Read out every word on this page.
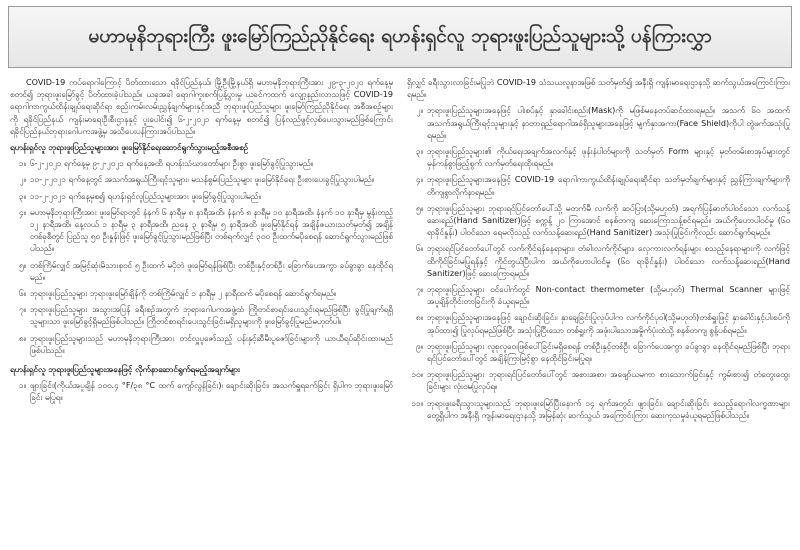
မဟာမုနိဘုရားကြီး ဖူးမြော်ကြည်ညိုနိုင်ရေး ရဟန်းရှင်လူ ဘုရားဖူးပြည်သူများသို့ ပန်ကြားလွှာ

COVID-19 ကပ်ရောဂါကြောင့် ပိတ်ထားသော ရခိုင်ပြည်နယ်၊ မြို့ဦးမြို့နယ်ရှိ မဟာမုနိဘုရားကြီးအား ၂၉-၃-၂၀၂၀ ရက်နေ့မှစတင်၍ ဘုရားဖူးမြော်ခွင့် ပိတ်ထားခဲ့ပါသည်။ ယခုအခါ ရောဂါကူးစက်ပြန့်ပွားမှု ယခင်ကထက် လျော့နည်းလာသဖြင့် COVID-19 ရောဂါကာကွယ်ထိန်းချုပ်ရေးဆိုင်ရာ စည်းကမ်းလမ်းညွှန်ချက်များနှင့်အညီ ဘုရားဖူးပြည်သူများ ဖူးမြော်ကြည်ညိုနိုင်ရေး အစီအစဉ်များကို ရခိုင်ပြည်နယ် ကျန်းမာရေးဦးစီးဌာနနှင့် ပူးပေါင်း၍ ၆-၂-၂၀၂၁ ရက်နေ့မှ စတင်၍ ပြန်လည်ဖွင့်လှစ်ပေးသွားမည်ဖြစ်ကြောင်း ရခိုင်ပြည်နယ်ဘုရားဂေါပကအဖွဲ့မှ အသိပေးပန်ကြားအပ်ပါသည်။

ရဟန်းရှင်လူ ဘုရားဖူးပြည်သူများအား ဖူးမြော်နိုင်ရေးဆောင်ရွက်သွားမည့်အစီအစဉ်

၁။ ၆-၂-၂၀၂၁ ရက်နေ့မှ ၉-၂-၂၀၂၁ ရက်နေ့အထိ ရဟန်းသံဃာတော်များ ဦးစွာ ဖူးမြော်ခွင့်ပြုသွားမည်။

၂။ ၁၀-၂-၂၀၂၁ ရက်နေ့တွင် အသက်အရွယ်ကြီးရင့်သူများ၊ မသန်စွမ်းပြည်သူများ ဖူးမြော်နိုင်ရေး ဦးစားပေးခွင့်ပြုသွားပါမည်။

၃။ ၁၁-၂-၂၀၂၁ ရက်နေ့မှစ၍ ရဟန်းရှင်လူပြည်သူများအား ဖူးမြော်ခွင့်ပြုသွားပါမည်။

၄။ မဟာမုနိဘုရားကြီးအား ဖူးမြော်ရာတွင် နံနက် ၆ နာရီမှ ၈ နာရီအထိ၊ နံနက် ၈ နာရီမှ ၁၀ နာရီအထိ၊ နံနက် ၁၀ နာရီမှ မွန်းတည့် ၁၂ နာရီအထိ၊ နေ့လယ် ၁ နာရီမှ ၃ နာရီအထိ၊ ညနေ ၃ နာရီမှ ၅ နာရီအထိ ဖူးမြော်နိုင်ရန် အချိန်ဇယားသတ်မှတ်၍ အချိန်တစ်ခုစီတွင် ပြည်သူ ၅၀ ဦးနှုန်းဖြင့် ဖူးမြော်ခွင့်ပြုသွားမည်ဖြစ်ပြီး တစ်ရက်လျှင် ၃၀၀ ဦးထက်မပိုစေရန် ဆောင်ရွက်သွားမည်ဖြစ်ပါသည်။

၅။ တစ်ကြိမ်လျှင် အမြင့်ဆုံးမိသားစုဝင် ၅ ဦးထက် မပိုဘဲ ဖူးမြော်ရန်ဖြစ်ပြီး တစ်ဦးနှင့်တစ်ဦး ခြောက်ပေအကွာ ခပ်ခွာခွာ နေထိုင်ရမည်။

၆။ ဘုရားဖူးပြည်သူများ ဘုရားဖူးမြော်ချိန်ကို တစ်ကြိမ်လျှင် ၁ နာရီမှ ၂ နာရီထက် မပိုစေရန် ဆောင်ရွက်ရမည်။

၇။ ဘုရားဖူးပြည်သူများ အသွားအပြန် ခရီးစဉ်အတွက် ဘုရားဂေါပကအဖွဲ့ထံ ကြိုတင်စာရင်းပေးသွင်းရမည်ဖြစ်ပြီး ခွင့်ပြုချက်ရရှိသူများသာ ဖူးမြော်ခွင့်ရှိမည်ဖြစ်ပါသည်။ ကြိုတင်စာရင်းပေးသွင်းခြင်းမရှိသူများကို ဖူးမြော်ခွင့်ပြုမည်မဟုတ်ပါ။

၈။ ဘုရားဖူးပြည်သူများသည် မဟာမုနိဘုရားကြီးအား တင်လှူပူဇော်သည့် ပန်းနှင့်ဆီမီးပူဇော်ခြင်းများကို ယာယီရပ်ဆိုင်းထားမည်ဖြစ်ပါသည်။

ရဟန်းရှင်လူ ဘုရားဖူးပြည်သူများအနေဖြင့် လိုက်နာဆောင်ရွက်ရမည့်အချက်များ

၁။ ဖျားခြင်း(ကိုယ်အပူချိန် ၁၀၀.၄ °F/၃၈ °C ထက် ကျော်လွန်ခြင်း)၊ ချောင်းဆိုးခြင်း၊ အသက်ရှူရခက်ခြင်း ရှိပါက ဘုရားဖူးမြော်ခြင်း မပြုရ။

ရှိလျှင် ခရီးသွားလာခြင်းမပြုဘဲ COVID-19 သံသယလူနာအဖြစ် သတ်မှတ်၍ အနီးရှိ ကျန်းမာရေးဌာနသို့ ဆက်သွယ်အကြောင်းကြားရမည်။

၂။ ဘုရားဖူးပြည်သူများအနေဖြင့် ပါးစပ်နှင့် နှာခေါင်းစည်း(Mask)ကို မဖြစ်မနေတပ်ဆင်ထားရမည်။ အသက် ၆၀ အထက် အသက်အရွယ်ကြီးရင့်သူများနှင့် နာတာရှည်ရောဂါအခံရှိသူများအနေဖြင့် မျက်နှာအကာ(Face Shield)ကိုပါ တွဲဖက်အသုံးပြုရမည်။

၃။ ဘုရားဖူးပြည်သူများ၏ ကိုယ်ရေးအချက်အလက်နှင့် ဖုန်းနံပါတ်များကို သတ်မှတ် Form များနှင့် မှတ်တမ်းစာအုပ်များတွင် မှန်ကန်စွာဖြည့်စွက် လက်မှတ်ရေးထိုးရမည်။

၄။ ဘုရားဖူးပြည်သူများအနေဖြင့် COVID-19 ရောဂါကာကွယ်ထိန်းချုပ်ရေးဆိုင်ရာ သတ်မှတ်ချက်များနှင့် ညွှန်ကြားချက်များကို တိကျစွာလိုက်နာရမည်။

၅။ ဘုရားဖူးပြည်သူများ ဘုရားရင်ပြင်တော်ပေါ်သို့ မတက်မီ လက်ကို ဆပ်ပြာ(သို့မဟုတ်) အရက်ပြန်ဓာတ်ပါဝင်သော လက်သန့်ဆေးရည်(Hand Sanitizer)ဖြင့် စက္ကန့် ၂၀ ကြာအောင် စနစ်တကျ ဆေးကြောသန့်စင်ရမည်။ အယ်ကိုဟောပါဝင်မှု (၆၀ ရာခိုင်နှုန်း) ပါဝင်သော ရေမလိုသည့် လက်သန့်ဆေးရည်(Hand Sanitizer) အသုံးပြုခြင်းကိုလည်း ဆောင်ရွက်ရမည်။

၆။ ဘုရားရင်ပြင်တော်ပေါ်တွင် လက်ကိုင်ရန်နေရာများ၊ တံခါးလက်ကိုင်များ၊ လှေကားလက်ရန်းများ စသည့်နေရာများကို လက်ဖြင့်ထိကိုင်ခြင်းမပြုရန်နှင့် ကိုင်တွယ်ပြီးပါက အယ်ကိုဟောပါဝင်မှု (၆၀ ရာခိုင်နှုန်း) ပါဝင်သော လက်သန့်ဆေးရည်(Hand Sanitizer)ဖြင့် ဆေးကြောရမည်။

၇။ ဘုရားဖူးပြည်သူများ ဝင်ပေါက်တွင် Non-contact thermometer (သို့မဟုတ်) Thermal Scanner များဖြင့် အပူချိန်တိုင်းတာခြင်းကို ခံယူရမည်။

၈။ ဘုရားဖူးပြည်သူများအနေဖြင့် ချောင်းဆိုးခြင်း၊ နှာချေခြင်းပြုလုပ်ပါက လက်ကိုင်ပုဝါ(သို့မဟုတ်)တစ်ရှူးဖြင့် နှာခေါင်းနှင့်ပါးစပ်ကို အုပ်ထား၍ ပြုလုပ်ရမည်ဖြစ်ပြီး အသုံးပြုပြီးသော တစ်ရှူးကို အဖုံးပါသောအမှိုက်ပုံးထဲသို့ စနစ်တကျ စွန့်ပစ်ရမည်။

၉။ ဘုရားဖူးပြည်သူများ လူစုလူဝေးဖြစ်ပေါ်ခြင်းမရှိစေရန် တစ်ဦးနှင့်တစ်ဦး ခြောက်ပေအကွာ ခပ်ခွာခွာ နေထိုင်ရမည်ဖြစ်ပြီး ဘုရားရင်ပြင်တော်ပေါ်တွင် အချိန်ကြာမြင့်စွာ နေထိုင်ခြင်းမပြုရ။

၁၀။ ဘုရားဖူးပြည်သူများ ဘုရားရင်ပြင်တော်ပေါ်တွင် အစားအစာ၊ အဖျော်ယမကာ စားသောက်ခြင်းနှင့် ကွမ်းစား၍ တံတွေးထွေးခြင်းများ လုံးဝမပြုလုပ်ရ။

၁၁။ ဘုရားဖူးခရီးသွားသူများသည် ဘုရားဖူးမြော်ပြီးနောက် ၁၄ ရက်အတွင်း ဖျားခြင်း၊ ချောင်းဆိုးခြင်း စသည့်ရောဂါလက္ခဏာများ တွေ့ရှိပါက အနီးရှိ ကျန်းမာရေးဌာနသို့ အမြန်ဆုံး ဆက်သွယ် အကြောင်းကြား ဆေးကုသမှုခံယူရမည်ဖြစ်ပါသည်။
